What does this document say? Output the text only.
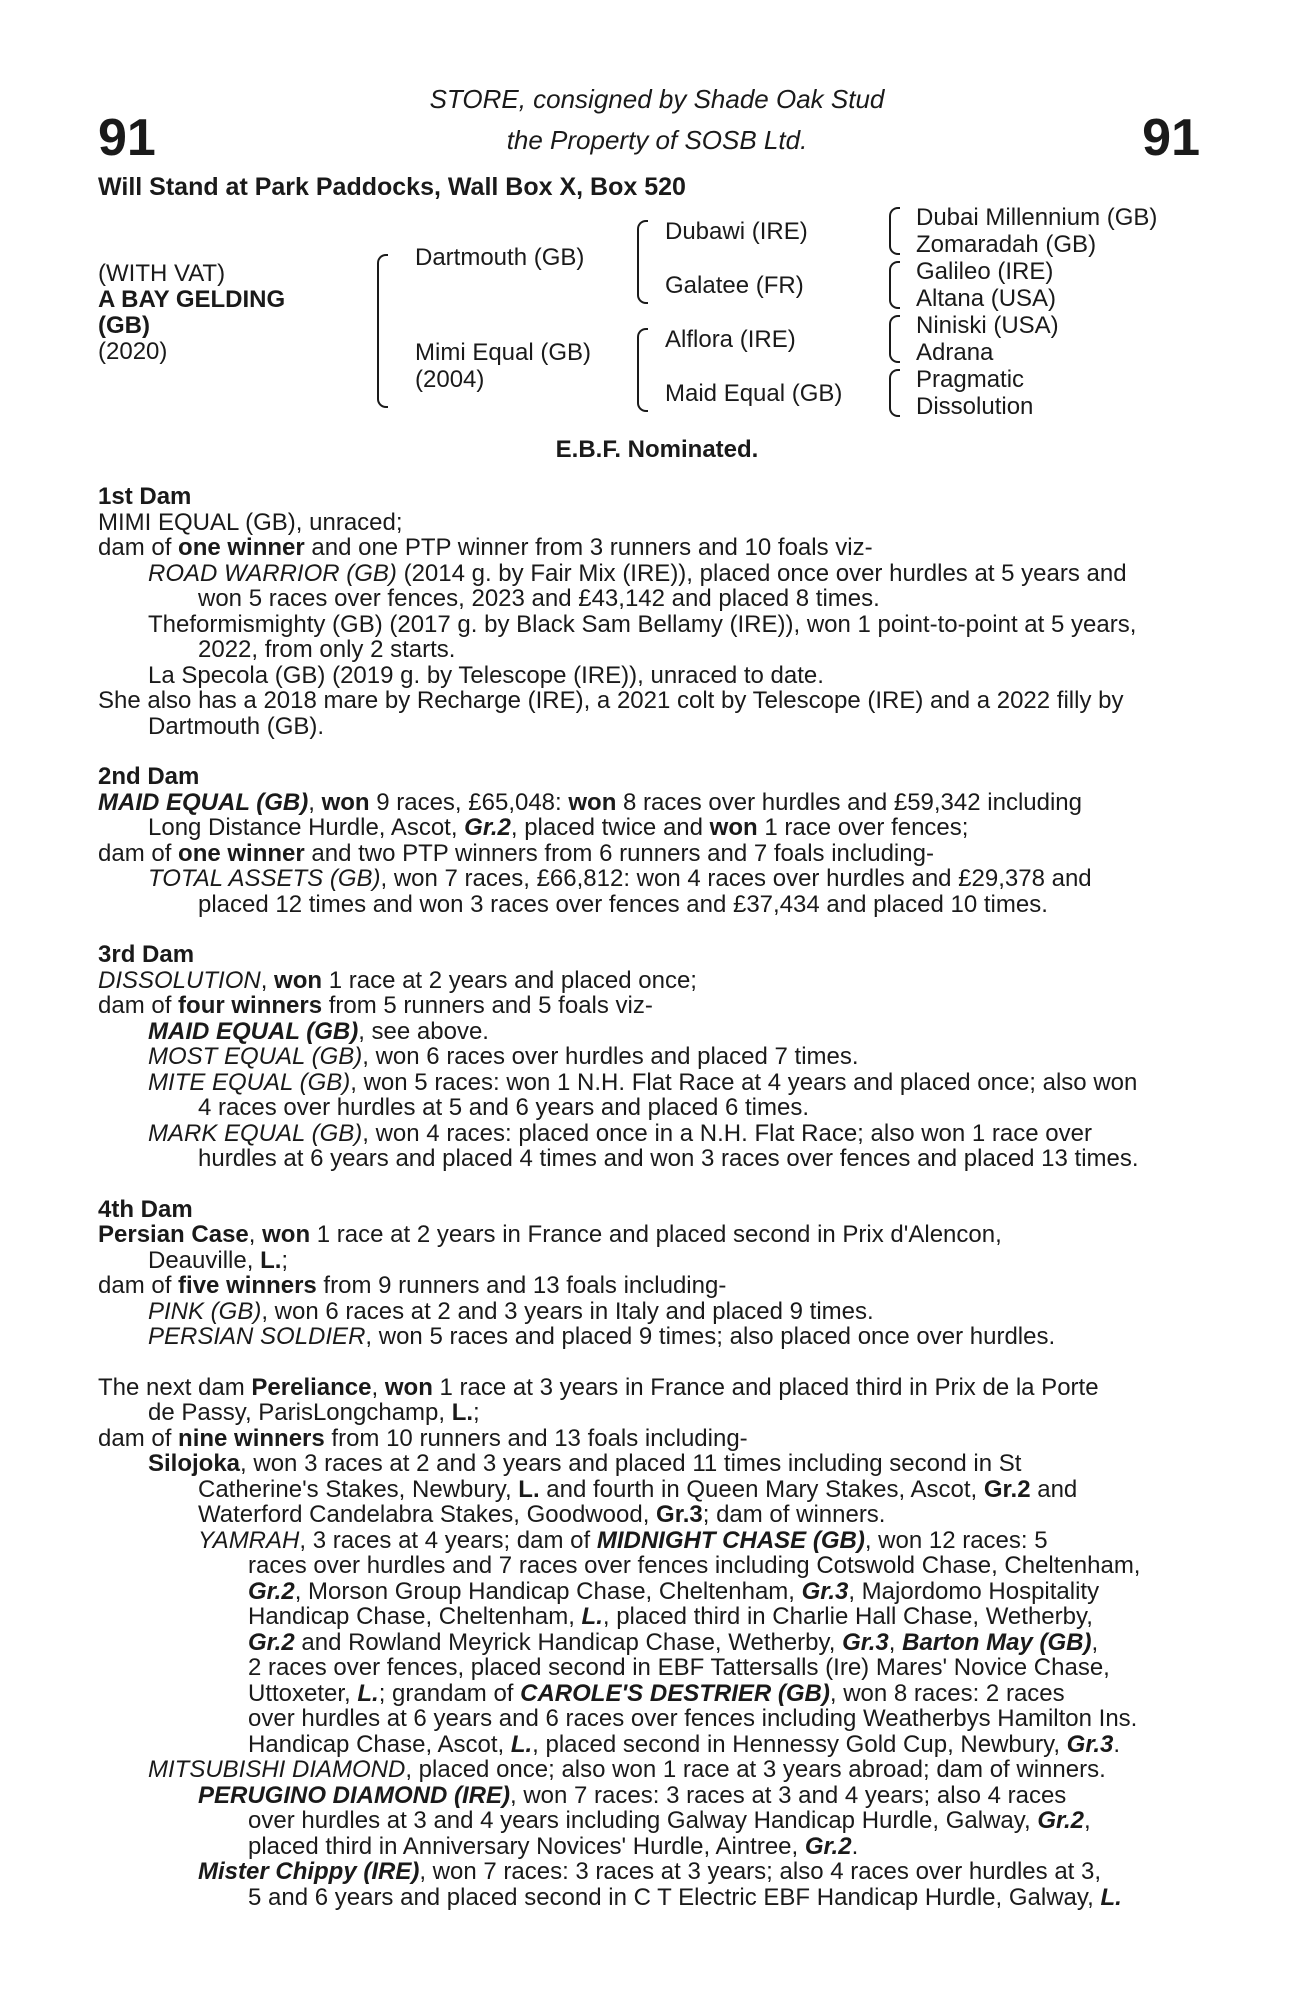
91	91
STORE, consigned by Shade Oak Stud
the Property of SOSB Ltd.
Will Stand at Park Paddocks, Wall Box X, Box 520
(WITH VAT)
A BAY GELDING
(GB)
(2020)
Dartmouth (GB)
Mimi Equal (GB)
(2004)
Dubawi (IRE)
Galatee (FR)
Alflora (IRE)
Maid Equal (GB)
Dubai Millennium (GB)
Zomaradah (GB)
Galileo (IRE)
Altana (USA)
Niniski (USA)
Adrana
Pragmatic
Dissolution
E.B.F. Nominated.
1st Dam
MIMI EQUAL (GB), unraced;
dam of one winner and one PTP winner from 3 runners and 10 foals viz-
ROAD WARRIOR (GB) (2014 g. by Fair Mix (IRE)), placed once over hurdles at 5 years and
won 5 races over fences, 2023 and £43,142 and placed 8 times.
Theformismighty (GB) (2017 g. by Black Sam Bellamy (IRE)), won 1 point-to-point at 5 years,
2022, from only 2 starts.
La Specola (GB) (2019 g. by Telescope (IRE)), unraced to date.
She also has a 2018 mare by Recharge (IRE), a 2021 colt by Telescope (IRE) and a 2022 filly by
Dartmouth (GB).
2nd Dam
MAID EQUAL (GB), won 9 races, £65,048: won 8 races over hurdles and £59,342 including
Long Distance Hurdle, Ascot, Gr.2, placed twice and won 1 race over fences;
dam of one winner and two PTP winners from 6 runners and 7 foals including-
TOTAL ASSETS (GB), won 7 races, £66,812: won 4 races over hurdles and £29,378 and
placed 12 times and won 3 races over fences and £37,434 and placed 10 times.
3rd Dam
DISSOLUTION, won 1 race at 2 years and placed once;
dam of four winners from 5 runners and 5 foals viz-
MAID EQUAL (GB), see above.
MOST EQUAL (GB), won 6 races over hurdles and placed 7 times.
MITE EQUAL (GB), won 5 races: won 1 N.H. Flat Race at 4 years and placed once; also won
4 races over hurdles at 5 and 6 years and placed 6 times.
MARK EQUAL (GB), won 4 races: placed once in a N.H. Flat Race; also won 1 race over
hurdles at 6 years and placed 4 times and won 3 races over fences and placed 13 times.
4th Dam
Persian Case, won 1 race at 2 years in France and placed second in Prix d'Alencon,
Deauville, L.;
dam of five winners from 9 runners and 13 foals including-
PINK (GB), won 6 races at 2 and 3 years in Italy and placed 9 times.
PERSIAN SOLDIER, won 5 races and placed 9 times; also placed once over hurdles.
The next dam Pereliance, won 1 race at 3 years in France and placed third in Prix de la Porte
de Passy, ParisLongchamp, L.;
dam of nine winners from 10 runners and 13 foals including-
Silojoka, won 3 races at 2 and 3 years and placed 11 times including second in St
Catherine's Stakes, Newbury, L. and fourth in Queen Mary Stakes, Ascot, Gr.2 and
Waterford Candelabra Stakes, Goodwood, Gr.3; dam of winners.
YAMRAH, 3 races at 4 years; dam of MIDNIGHT CHASE (GB), won 12 races: 5
races over hurdles and 7 races over fences including Cotswold Chase, Cheltenham,
Gr.2, Morson Group Handicap Chase, Cheltenham, Gr.3, Majordomo Hospitality
Handicap Chase, Cheltenham, L., placed third in Charlie Hall Chase, Wetherby,
Gr.2 and Rowland Meyrick Handicap Chase, Wetherby, Gr.3, Barton May (GB),
2 races over fences, placed second in EBF Tattersalls (Ire) Mares' Novice Chase,
Uttoxeter, L.; grandam of CAROLE'S DESTRIER (GB), won 8 races: 2 races
over hurdles at 6 years and 6 races over fences including Weatherbys Hamilton Ins.
Handicap Chase, Ascot, L., placed second in Hennessy Gold Cup, Newbury, Gr.3.
MITSUBISHI DIAMOND, placed once; also won 1 race at 3 years abroad; dam of winners.
PERUGINO DIAMOND (IRE), won 7 races: 3 races at 3 and 4 years; also 4 races
over hurdles at 3 and 4 years including Galway Handicap Hurdle, Galway, Gr.2,
placed third in Anniversary Novices' Hurdle, Aintree, Gr.2.
Mister Chippy (IRE), won 7 races: 3 races at 3 years; also 4 races over hurdles at 3,
5 and 6 years and placed second in C T Electric EBF Handicap Hurdle, Galway, L.
